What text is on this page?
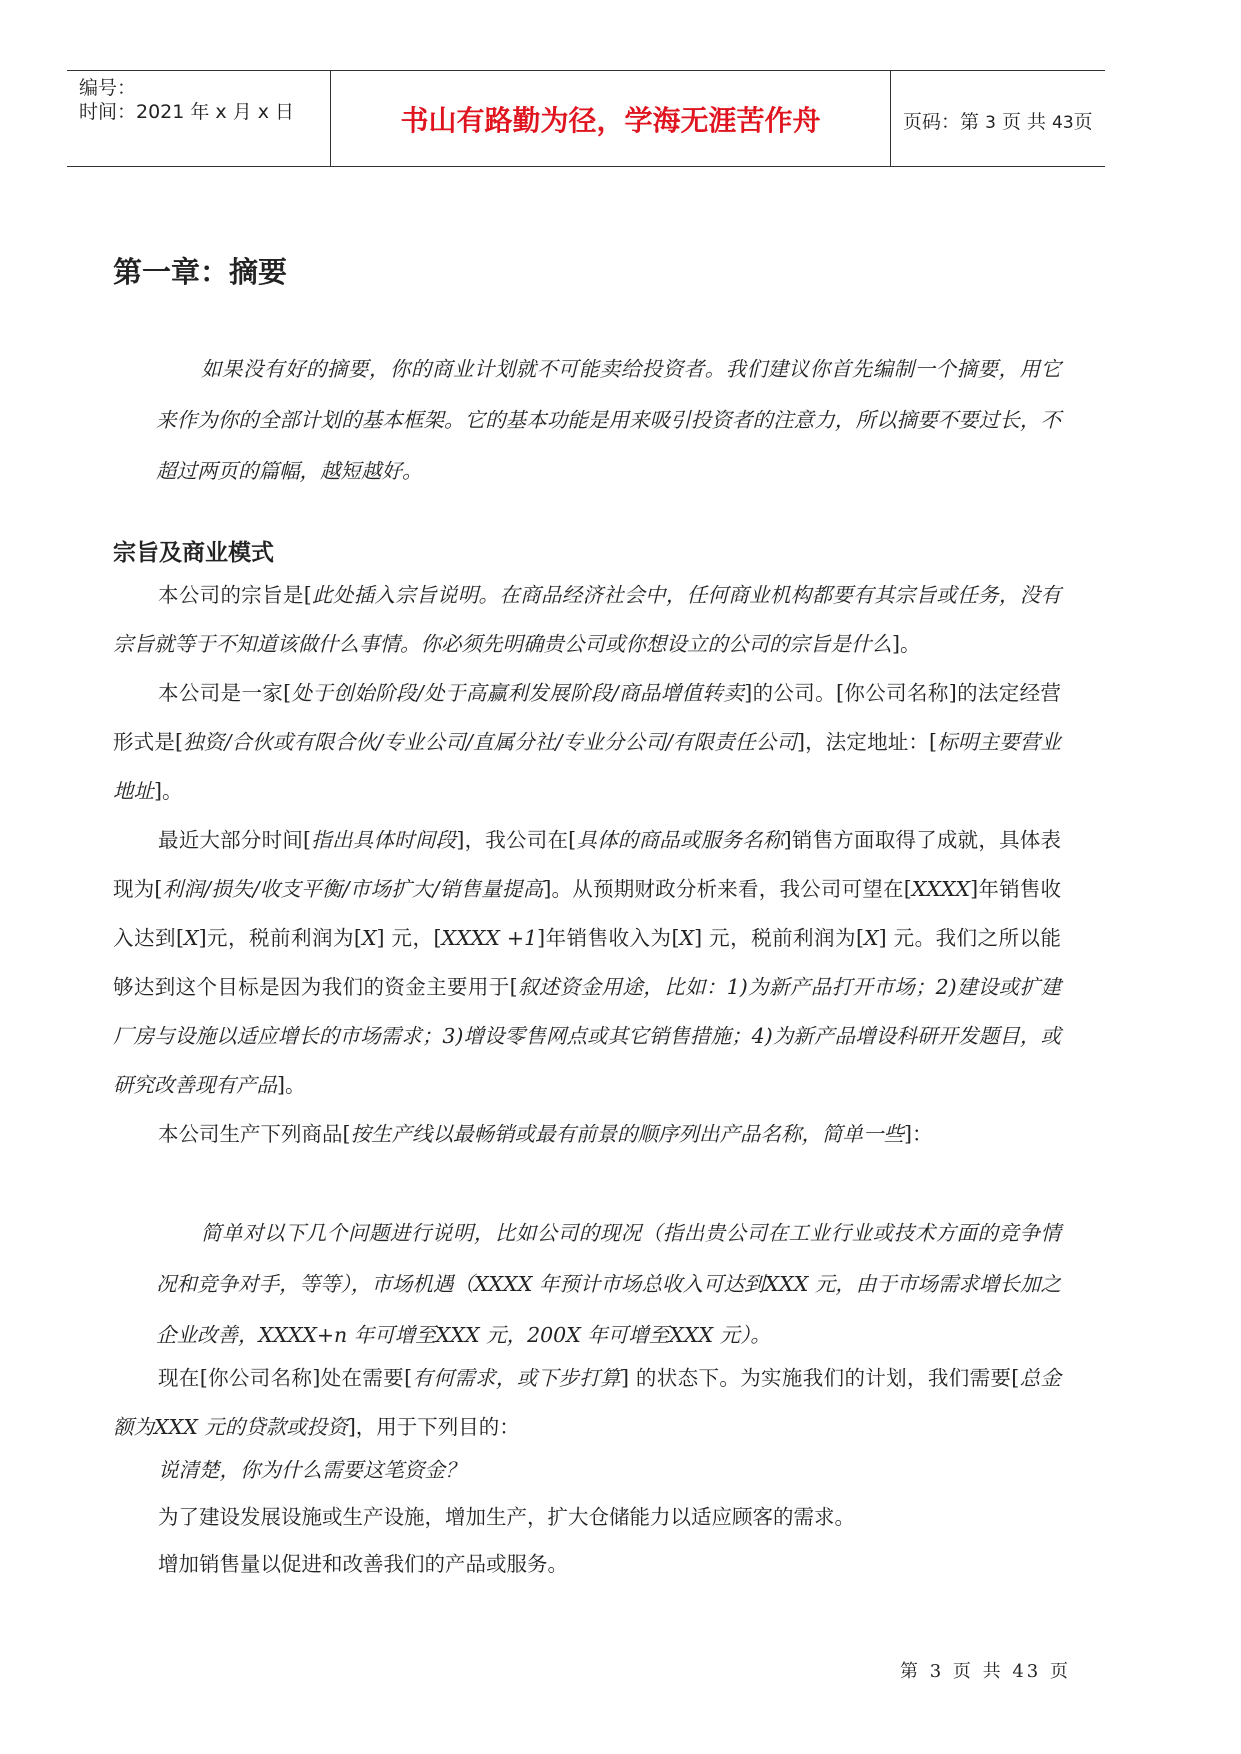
编号：
时间：2021 年 x 月 x 日	书山有路勤为径，学海无涯苦作舟	页码：第 3 页 共 43页
第一章：摘要

如果没有好的摘要，你的商业计划就不可能卖给投资者。我们建议你首先编制一个摘要，用它来作为你的全部计划的基本框架。它的基本功能是用来吸引投资者的注意力，所以摘要不要过长，不超过两页的篇幅，越短越好。

宗旨及商业模式

本公司的宗旨是[此处插入宗旨说明。在商品经济社会中，任何商业机构都要有其宗旨或任务，没有宗旨就等于不知道该做什么事情。你必须先明确贵公司或你想设立的公司的宗旨是什么]。

本公司是一家[处于创始阶段/处于高赢利发展阶段/商品增值转卖]的公司。[你公司名称]的法定经营形式是[独资/合伙或有限合伙/专业公司/直属分社/专业分公司/有限责任公司]，法定地址：[标明主要营业地址]。

最近大部分时间[指出具体时间段]，我公司在[具体的商品或服务名称]销售方面取得了成就，具体表现为[利润/损失/收支平衡/市场扩大/销售量提高]。从预期财政分析来看，我公司可望在[XXXX]年销售收入达到[X]元，税前利润为[X] 元，[XXXX +1]年销售收入为[X] 元，税前利润为[X] 元。我们之所以能够达到这个目标是因为我们的资金主要用于[叙述资金用途，比如：1)为新产品打开市场；2)建设或扩建厂房与设施以适应增长的市场需求；3)增设零售网点或其它销售措施；4)为新产品增设科研开发题目，或研究改善现有产品]。

本公司生产下列商品[按生产线以最畅销或最有前景的顺序列出产品名称，简单一些]：

简单对以下几个问题进行说明，比如公司的现况（指出贵公司在工业行业或技术方面的竞争情况和竞争对手，等等），市场机遇（XXXX 年预计市场总收入可达到XXX 元，由于市场需求增长加之企业改善，XXXX+n 年可增至XXX 元，200X 年可增至XXX 元）。

现在[你公司名称]处在需要[有何需求，或下步打算] 的状态下。为实施我们的计划，我们需要[总金额为XXX 元的贷款或投资]，用于下列目的：

说清楚，你为什么需要这笔资金？

为了建设发展设施或生产设施，增加生产，扩大仓储能力以适应顾客的需求。

增加销售量以促进和改善我们的产品或服务。

第 3 页 共 43 页
